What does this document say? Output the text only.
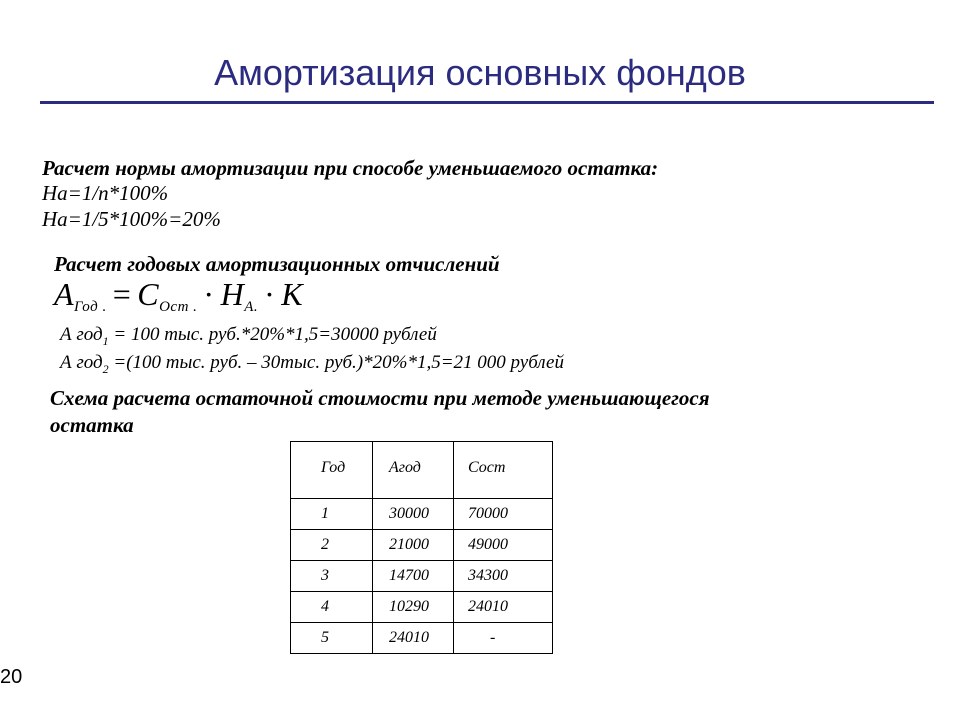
Амортизация основных фондов
Расчет нормы амортизации при способе уменьшаемого остатка:
На=1/n*100%
На=1/5*100%=20%
Расчет годовых амортизационных отчислений
$A_{Год .} = C_{Ост .} \cdot H_{А.} \cdot К$
А год$_1$ = 100 тыс. руб.*20%*1,5=30000 рублей
А год$_2$ =(100 тыс. руб. – 30тыс. руб.)*20%*1,5=21 000 рублей
Схема расчета остаточной стоимости при методе уменьшающегося
остатка
Год	Агод	Сост
1	30000	70000
2	21000	49000
3	14700	34300
4	10290	24010
5	24010	-
20
